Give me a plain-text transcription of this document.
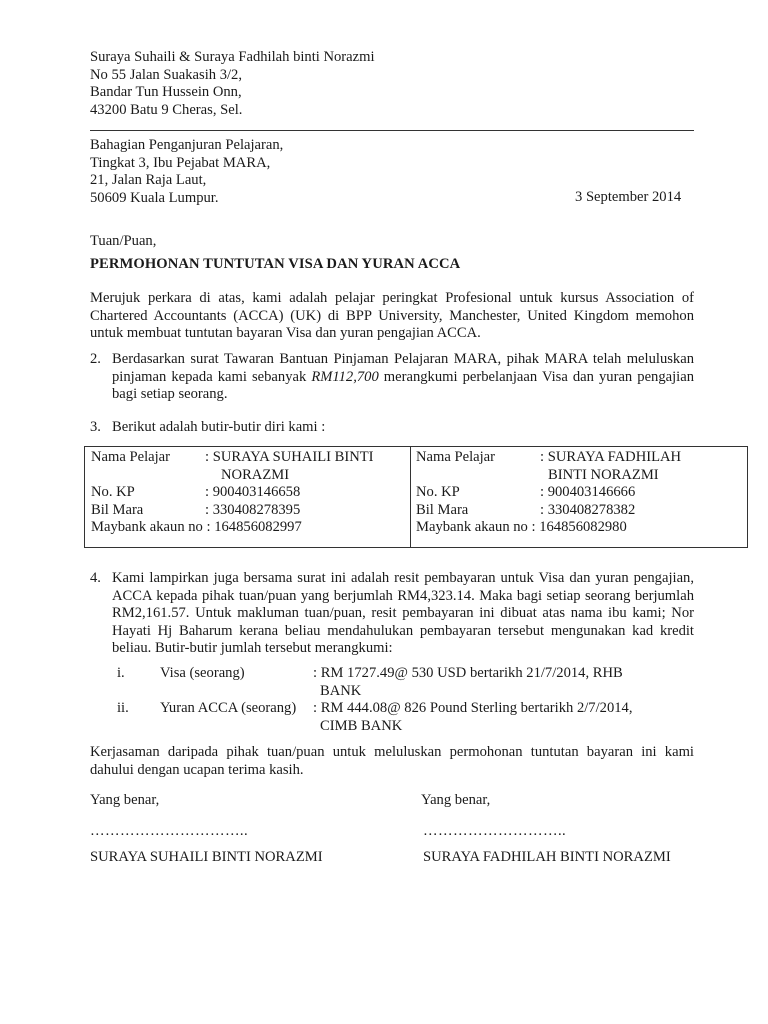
Suraya Suhaili & Suraya Fadhilah binti Norazmi
No 55 Jalan Suakasih 3/2,
Bandar Tun Hussein Onn,
43200 Batu 9 Cheras, Sel.
Bahagian Penganjuran Pelajaran,
Tingkat 3, Ibu Pejabat MARA,
21, Jalan Raja Laut,
50609 Kuala Lumpur.	3 September 2014
Tuan/Puan,
PERMOHONAN TUNTUTAN VISA DAN YURAN ACCA
Merujuk perkara di atas, kami adalah pelajar peringkat Profesional untuk kursus Association of Chartered Accountants (ACCA) (UK) di BPP University, Manchester, United Kingdom memohon untuk membuat tuntutan bayaran Visa dan yuran pengajian ACCA.
2. Berdasarkan surat Tawaran Bantuan Pinjaman Pelajaran MARA, pihak MARA telah meluluskan pinjaman kepada kami sebanyak RM112,700 merangkumi perbelanjaan Visa dan yuran pengajian bagi setiap seorang.
3. Berikut adalah butir-butir diri kami :
Nama Pelajar : SURAYA SUHAILI BINTI
NORAZMI
No. KP	: 900403146658
Bil Mara	: 330408278395
Maybank akaun no : 164856082997
Nama Pelajar	: SURAYA FADHILAH
BINTI NORAZMI
No. KP	: 900403146666
Bil Mara	: 330408278382
Maybank akaun no : 164856082980
4. Kami lampirkan juga bersama surat ini adalah resit pembayaran untuk Visa dan yuran pengajian, ACCA kepada pihak tuan/puan yang berjumlah RM4,323.14. Maka bagi setiap seorang berjumlah RM2,161.57. Untuk makluman tuan/puan, resit pembayaran ini dibuat atas nama ibu kami; Nor Hayati Hj Baharum kerana beliau mendahulukan pembayaran tersebut mengunakan kad kredit beliau. Butir-butir jumlah tersebut merangkumi:
i. Visa (seorang)	: RM 1727.49@ 530 USD bertarikh 21/7/2014, RHB
BANK
ii. Yuran ACCA (seorang) : RM 444.08@ 826 Pound Sterling bertarikh 2/7/2014,
CIMB BANK
Kerjasaman daripada pihak tuan/puan untuk meluluskan permohonan tuntutan bayaran ini kami dahului dengan ucapan terima kasih.
Yang benar,	Yang benar,
…………………………..	………………………..
SURAYA SUHAILI BINTI NORAZMI	SURAYA FADHILAH BINTI NORAZMI
